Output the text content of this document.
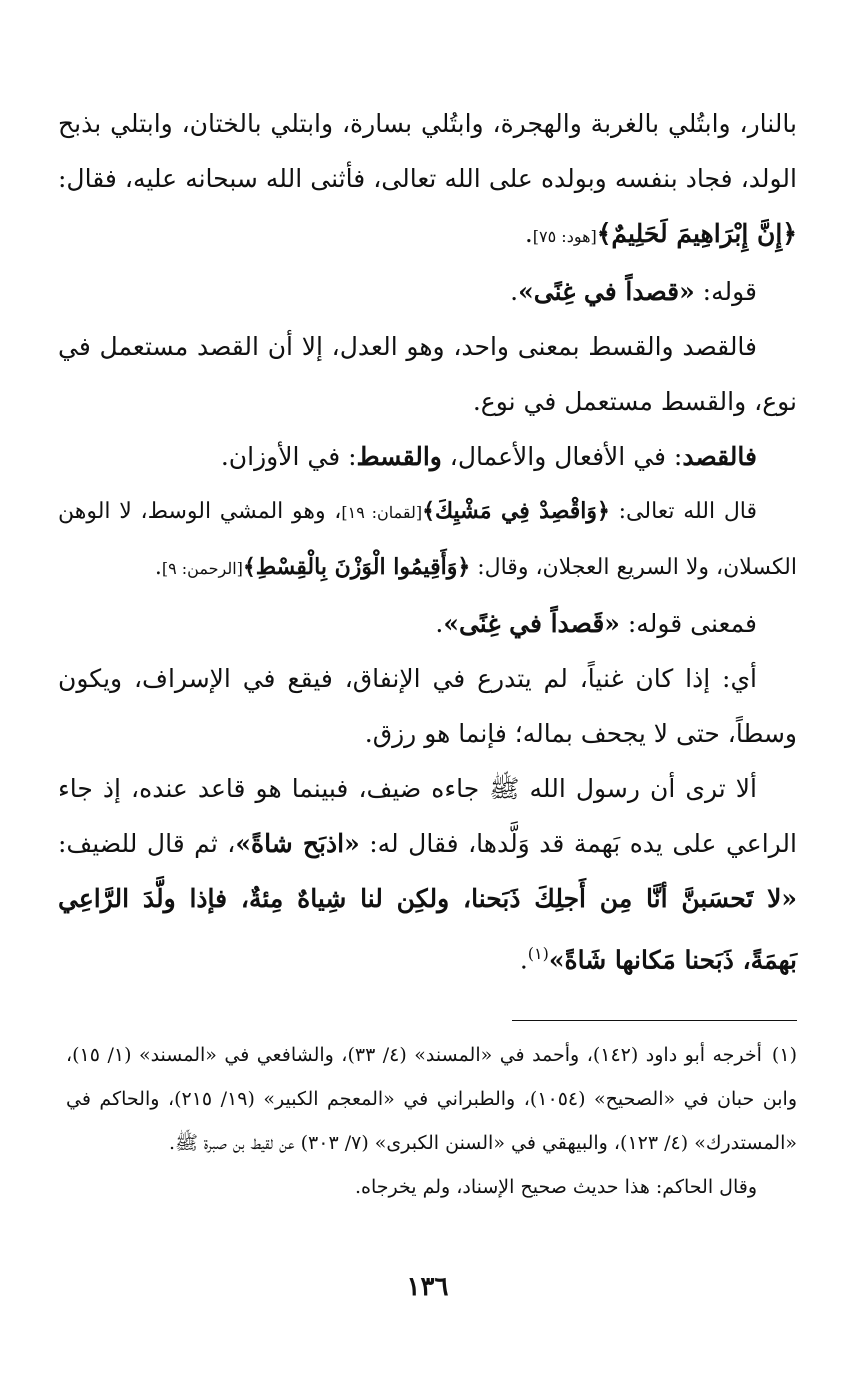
بالنار، وابتُلي بالغربة والهجرة، وابتُلي بسارة، وابتلي بالختان، وابتلي بذبح الولد، فجاد بنفسه وبولده على الله تعالى، فأثنى الله سبحانه عليه، فقال: ﴿إِنَّ إِبْرَاهِيمَ لَحَلِيمٌ﴾[هود: ٧٥].

قوله: «قصداً في غِنًى».

فالقصد والقسط بمعنى واحد، وهو العدل، إلا أن القصد مستعمل في نوع، والقسط مستعمل في نوع.

فالقصد: في الأفعال والأعمال، والقسط: في الأوزان.

قال الله تعالى: ﴿وَاقْصِدْ فِي مَشْيِكَ﴾[لقمان: ١٩]، وهو المشي الوسط، لا الوهن الكسلان، ولا السريع العجلان، وقال: ﴿وَأَقِيمُوا الْوَزْنَ بِالْقِسْطِ﴾[الرحمن: ٩].

فمعنى قوله: «قَصداً في غِنًى».

أي: إذا كان غنياً، لم يتدرع في الإنفاق، فيقع في الإسراف، ويكون وسطاً، حتى لا يجحف بماله؛ فإنما هو رزق.

ألا ترى أن رسول الله ﷺ جاءه ضيف، فبينما هو قاعد عنده، إذ جاء الراعي على يده بَهمة قد وَلَّدها، فقال له: «اذبَح شاةً»، ثم قال للضيف: «لا تَحسَبنَّ أنَّا مِن أَجلِكَ ذَبَحنا، ولكِن لنا شِياهٌ مِئةٌ، فإذا ولَّدَ الرَّاعِي بَهمَةً، ذَبَحنا مَكانها شَاةً»$^{(١)}$.

(١)أخرجه أبو داود (١٤٢)، وأحمد في «المسند» (٤/ ٣٣)، والشافعي في «المسند» (١/ ١٥)، وابن حبان في «الصحيح» (١٠٥٤)، والطبراني في «المعجم الكبير» (١٩/ ٢١٥)، والحاكم في «المستدرك» (٤/ ١٢٣)، والبيهقي في «السنن الكبرى» (٧/ ٣٠٣) عن لقيط بن صبرة ﷺ.

وقال الحاكم: هذا حديث صحيح الإسناد، ولم يخرجاه.

١٣٦
